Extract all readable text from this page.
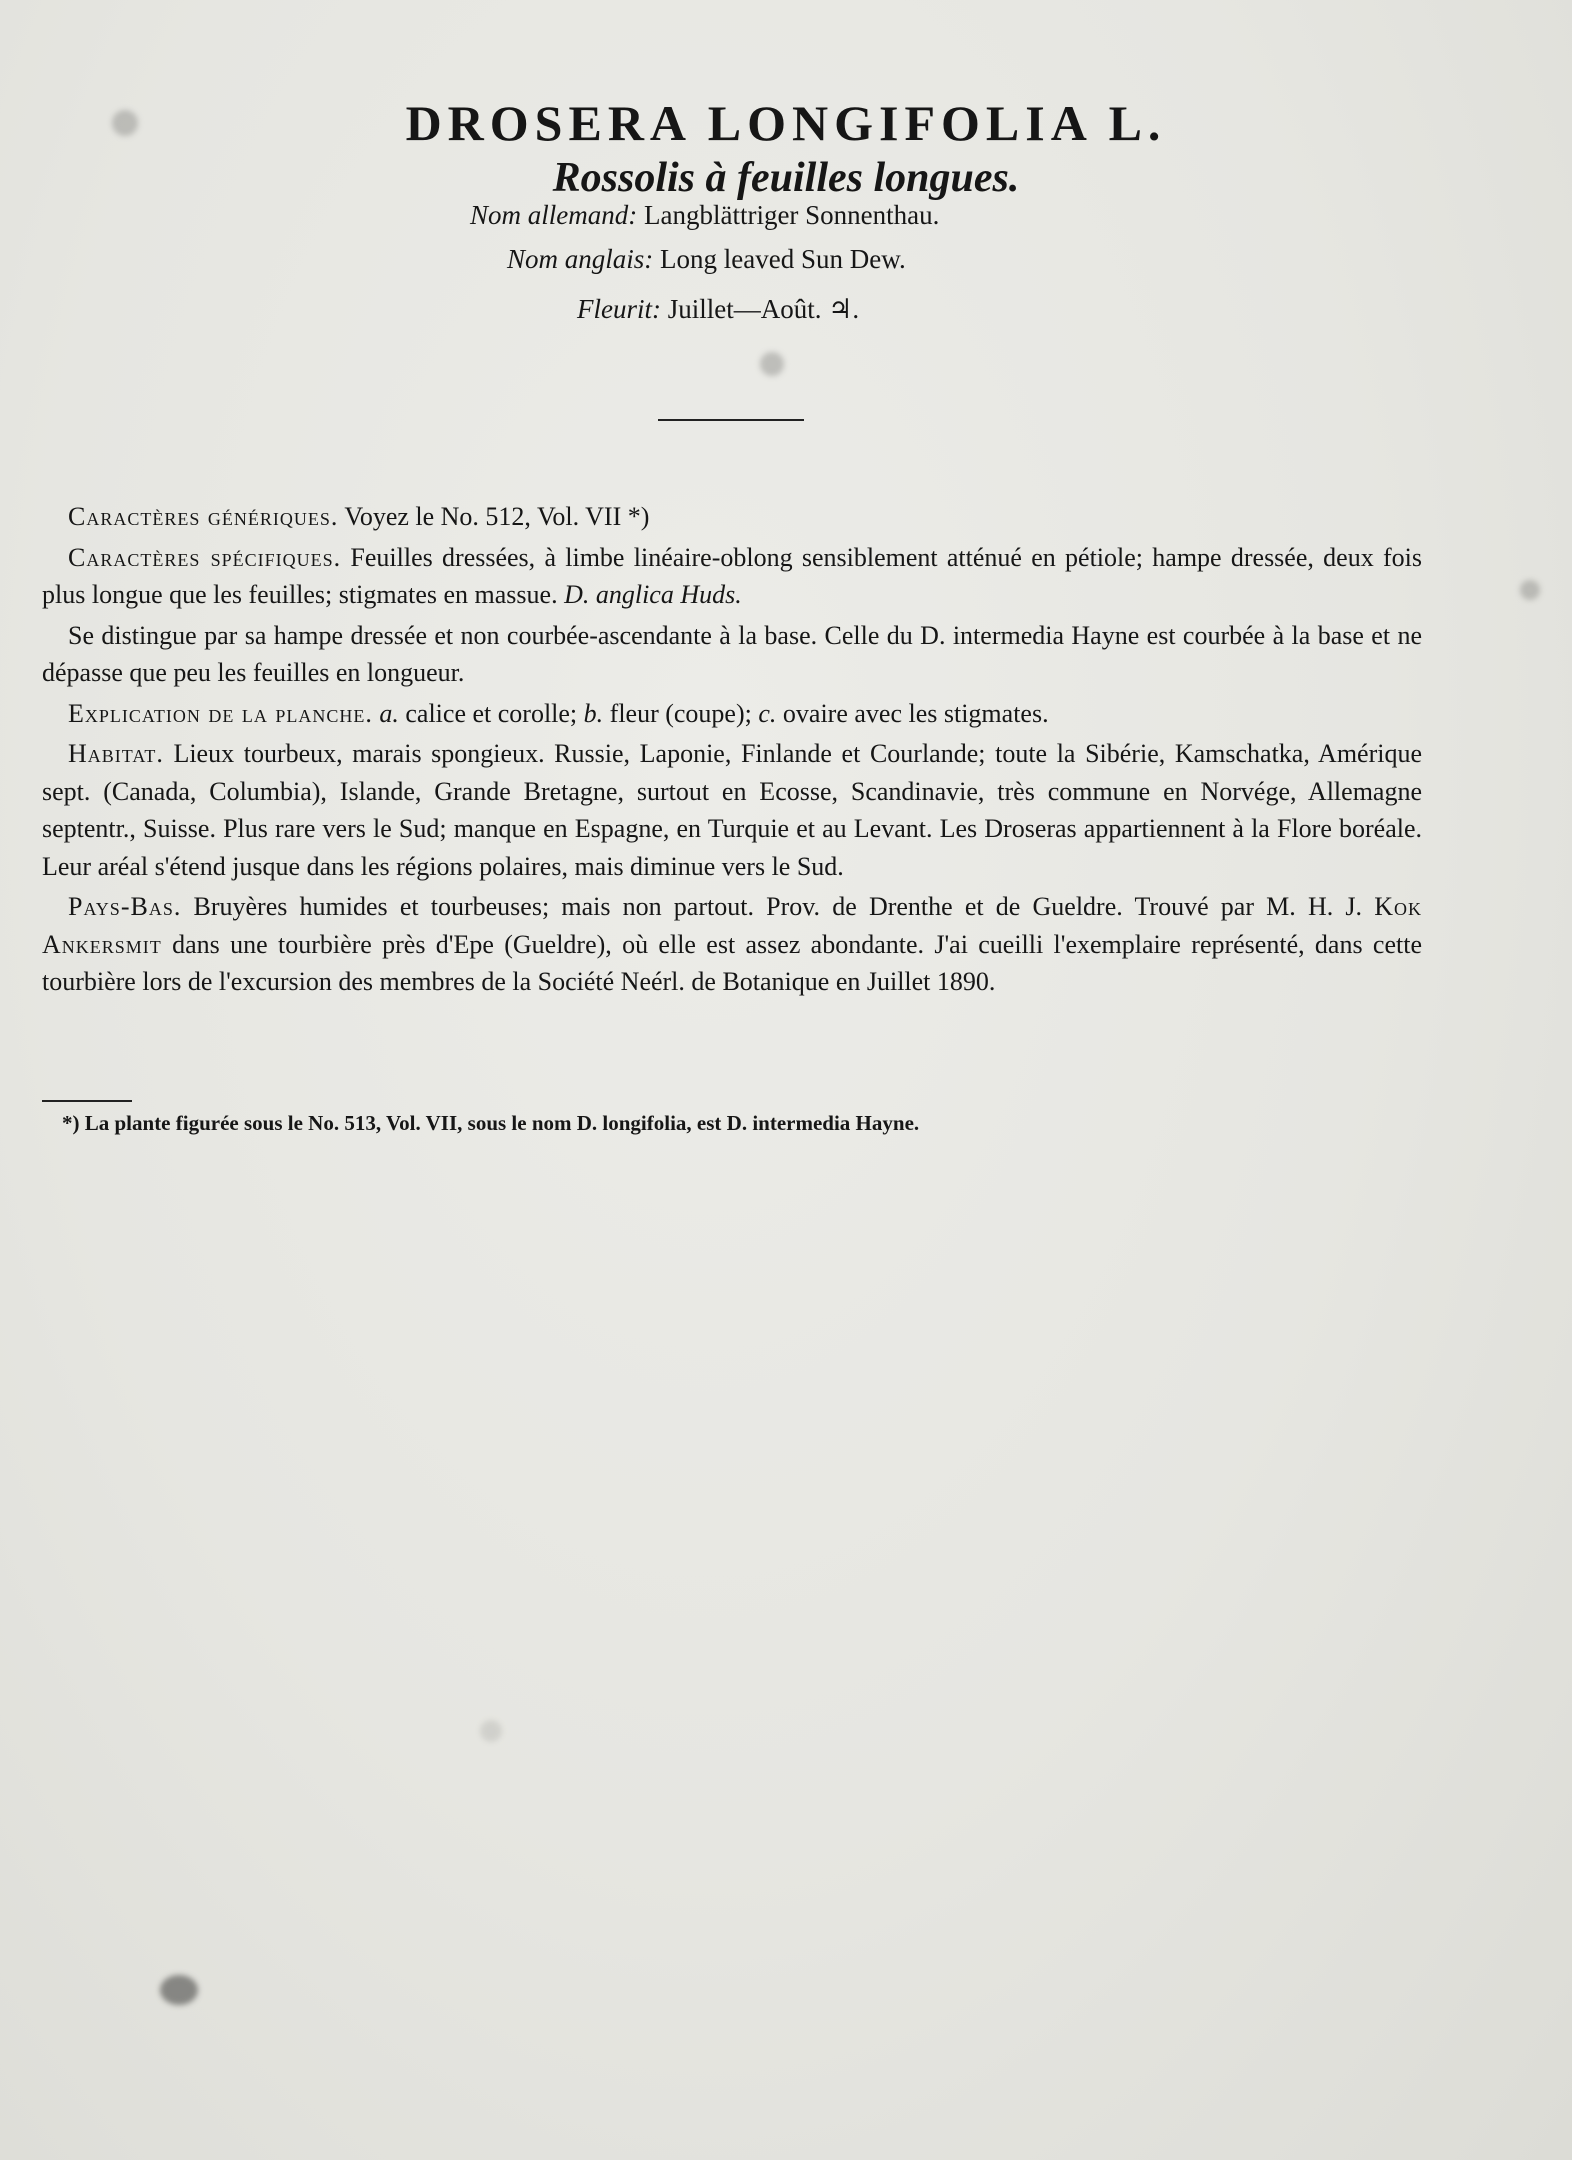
DROSERA LONGIFOLIA L.
Rossolis à feuilles longues.
Nom allemand: Langblättriger Sonnenthau.
Nom anglais: Long leaved Sun Dew.
Fleurit: Juillet—Août. ♃.

Caractères génériques. Voyez le No. 512, Vol. VII *)

Caractères spécifiques. Feuilles dressées, à limbe linéaire-oblong sensiblement atténué en pétiole; hampe dressée, deux fois plus longue que les feuilles; stigmates en massue. D. anglica Huds.

Se distingue par sa hampe dressée et non courbée-ascendante à la base. Celle du D. intermedia Hayne est courbée à la base et ne dépasse que peu les feuilles en longueur.

Explication de la planche. a. calice et corolle; b. fleur (coupe); c. ovaire avec les stigmates.

Habitat. Lieux tourbeux, marais spongieux. Russie, Laponie, Finlande et Courlande; toute la Sibérie, Kamschatka, Amérique sept. (Canada, Columbia), Islande, Grande Bretagne, surtout en Ecosse, Scandinavie, très commune en Norvége, Allemagne septentr., Suisse. Plus rare vers le Sud; manque en Espagne, en Turquie et au Levant. Les Droseras appartiennent à la Flore boréale. Leur aréal s'étend jusque dans les régions polaires, mais diminue vers le Sud.

Pays-Bas. Bruyères humides et tourbeuses; mais non partout. Prov. de Drenthe et de Gueldre. Trouvé par M. H. J. Kok Ankersmit dans une tourbière près d'Epe (Gueldre), où elle est assez abondante. J'ai cueilli l'exemplaire représenté, dans cette tourbière lors de l'excursion des membres de la Société Neérl. de Botanique en Juillet 1890.

*) La plante figurée sous le No. 513, Vol. VII, sous le nom D. longifolia, est D. intermedia Hayne.
